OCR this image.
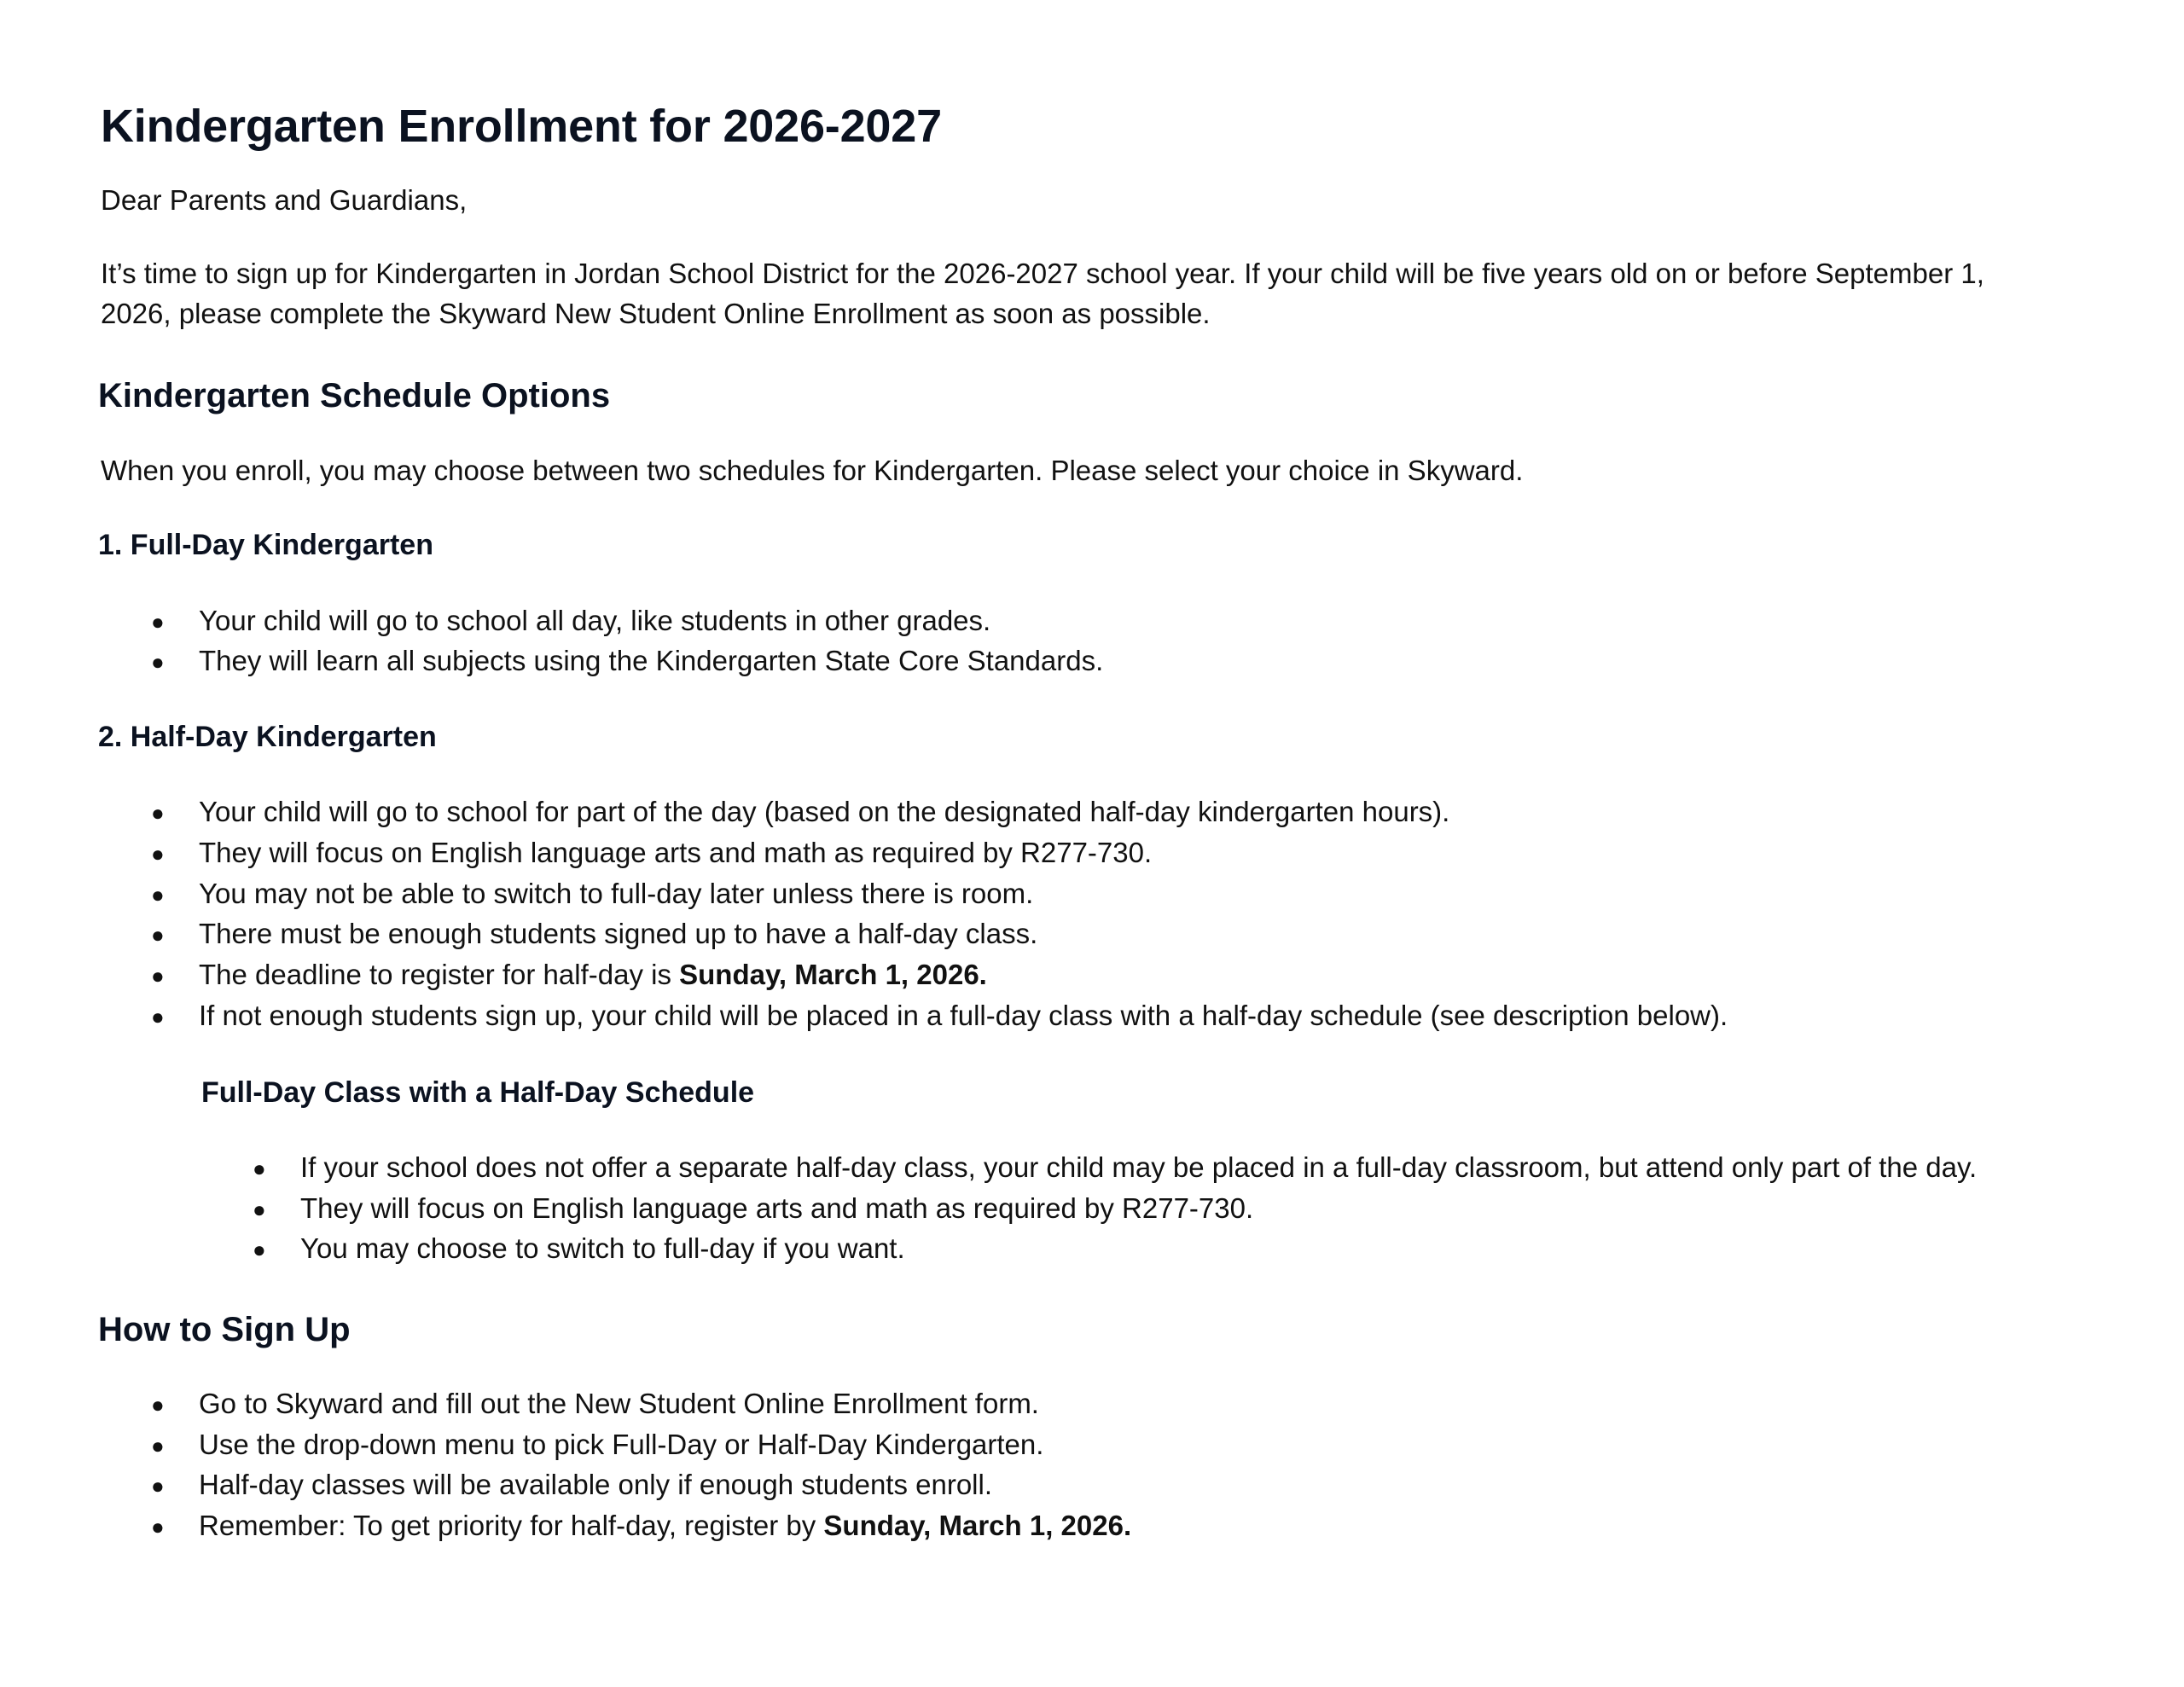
Kindergarten Enrollment for 2026-2027
Dear Parents and Guardians,
It’s time to sign up for Kindergarten in Jordan School District for the 2026-2027 school year. If your child will be five years old on or before September 1,
2026, please complete the Skyward New Student Online Enrollment as soon as possible.
Kindergarten Schedule Options
When you enroll, you may choose between two schedules for Kindergarten. Please select your choice in Skyward.
1. Full-Day Kindergarten
● Your child will go to school all day, like students in other grades.
● They will learn all subjects using the Kindergarten State Core Standards.
2. Half-Day Kindergarten
● Your child will go to school for part of the day (based on the designated half-day kindergarten hours).
● They will focus on English language arts and math as required by R277-730.
● You may not be able to switch to full-day later unless there is room.
● There must be enough students signed up to have a half-day class.
● The deadline to register for half-day is Sunday, March 1, 2026.
● If not enough students sign up, your child will be placed in a full-day class with a half-day schedule (see description below).
Full-Day Class with a Half-Day Schedule
● If your school does not offer a separate half-day class, your child may be placed in a full-day classroom, but attend only part of the day.
● They will focus on English language arts and math as required by R277-730.
● You may choose to switch to full-day if you want.
How to Sign Up
● Go to Skyward and fill out the New Student Online Enrollment form.
● Use the drop-down menu to pick Full-Day or Half-Day Kindergarten.
● Half-day classes will be available only if enough students enroll.
● Remember: To get priority for half-day, register by Sunday, March 1, 2026.
